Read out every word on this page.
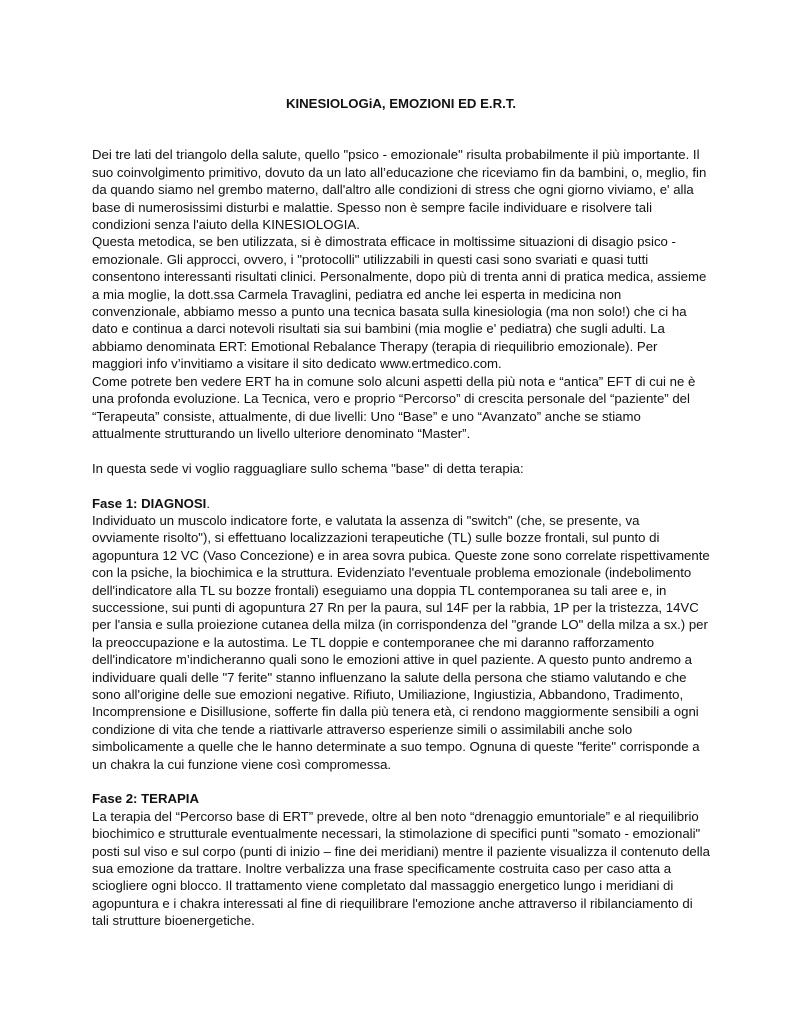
KINESIOLOGiA, EMOZIONI ED E.R.T.

Dei tre lati del triangolo della salute, quello "psico - emozionale" risulta probabilmente il più importante. Il suo coinvolgimento primitivo, dovuto da un lato all’educazione che riceviamo fin da bambini, o, meglio, fin da quando siamo nel grembo materno, dall'altro alle condizioni di stress che ogni giorno viviamo, e' alla base di numerosissimi disturbi e malattie. Spesso non è sempre facile individuare e risolvere tali condizioni senza l'aiuto della KINESIOLOGIA.

Questa metodica, se ben utilizzata, si è dimostrata efficace in moltissime situazioni di disagio psico - emozionale. Gli approcci, ovvero, i "protocolli" utilizzabili in questi casi sono svariati e quasi tutti consentono interessanti risultati clinici. Personalmente, dopo più di trenta anni di pratica medica, assieme a mia moglie, la dott.ssa Carmela Travaglini, pediatra ed anche lei esperta in medicina non convenzionale, abbiamo messo a punto una tecnica basata sulla kinesiologia (ma non solo!) che ci ha dato e continua a darci notevoli risultati sia sui bambini (mia moglie e' pediatra) che sugli adulti. La abbiamo denominata ERT: Emotional Rebalance Therapy (terapia di riequilibrio emozionale). Per maggiori info v’invitiamo a visitare il sito dedicato www.ertmedico.com.

Come potrete ben vedere ERT ha in comune solo alcuni aspetti della più nota e “antica” EFT di cui ne è una profonda evoluzione. La Tecnica, vero e proprio “Percorso” di crescita personale del “paziente” del “Terapeuta” consiste, attualmente, di due livelli: Uno “Base” e uno “Avanzato” anche se stiamo attualmente strutturando un livello ulteriore denominato “Master”.

In questa sede vi voglio ragguagliare sullo schema "base" di detta terapia:

Fase 1: DIAGNOSI.

Individuato un muscolo indicatore forte, e valutata la assenza di "switch" (che, se presente, va ovviamente risolto"), si effettuano localizzazioni terapeutiche (TL) sulle bozze frontali, sul punto di agopuntura 12 VC (Vaso Concezione) e in area sovra pubica. Queste zone sono correlate rispettivamente con la psiche, la biochimica e la struttura. Evidenziato l'eventuale problema emozionale (indebolimento dell'indicatore alla TL su bozze frontali) eseguiamo una doppia TL contemporanea su tali aree e, in successione, sui punti di agopuntura 27 Rn per la paura, sul 14F per la rabbia, 1P per la tristezza, 14VC per l'ansia e sulla proiezione cutanea della milza (in corrispondenza del "grande LO" della milza a sx.) per la preoccupazione e la autostima. Le TL doppie e contemporanee che mi daranno rafforzamento dell'indicatore m’indicheranno quali sono le emozioni attive in quel paziente. A questo punto andremo a individuare quali delle "7 ferite" stanno influenzano la salute della persona che stiamo valutando e che sono all'origine delle sue emozioni negative. Rifiuto, Umiliazione, Ingiustizia, Abbandono, Tradimento, Incomprensione e Disillusione, sofferte fin dalla più tenera età, ci rendono maggiormente sensibili a ogni condizione di vita che tende a riattivarle attraverso esperienze simili o assimilabili anche solo simbolicamente a quelle che le hanno determinate a suo tempo. Ognuna di queste "ferite" corrisponde a un chakra la cui funzione viene così compromessa.

Fase 2: TERAPIA

La terapia del “Percorso base di ERT” prevede, oltre al ben noto “drenaggio emuntoriale” e al riequilibrio biochimico e strutturale eventualmente necessari, la stimolazione di specifici punti "somato - emozionali" posti sul viso e sul corpo (punti di inizio – fine dei meridiani) mentre il paziente visualizza il contenuto della sua emozione da trattare. Inoltre verbalizza una frase specificamente costruita caso per caso atta a sciogliere ogni blocco. Il trattamento viene completato dal massaggio energetico lungo i meridiani di agopuntura e i chakra interessati al fine di riequilibrare l'emozione anche attraverso il ribilanciamento di tali strutture bioenergetiche.
